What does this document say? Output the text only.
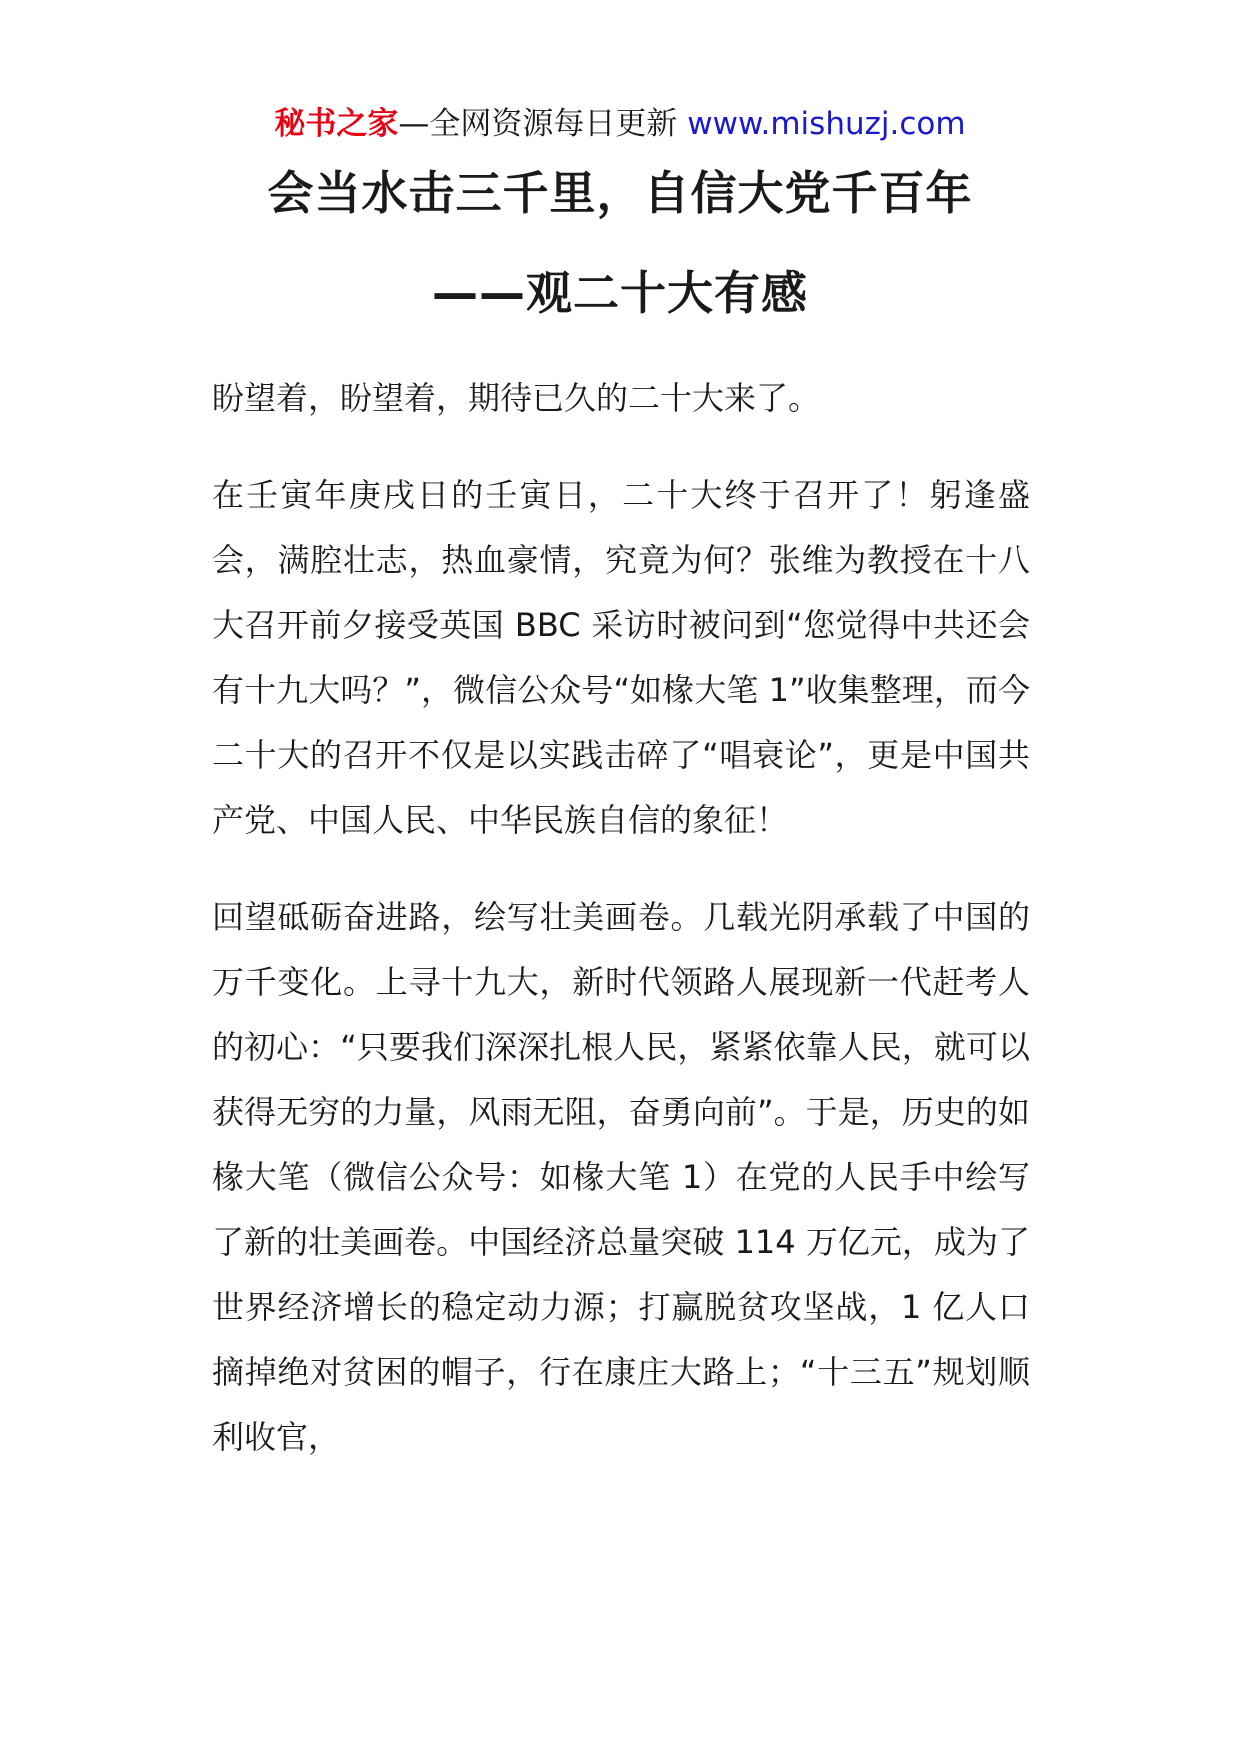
秘书之家—全网资源每日更新 www.mishuzj.com
会当水击三千里，自信大党千百年
——观二十大有感

盼望着，盼望着，期待已久的二十大来了。

在壬寅年庚戌日的壬寅日，二十大终于召开了！躬逢盛会，满腔壮志，热血豪情，究竟为何？张维为教授在十八大召开前夕接受英国 BBC 采访时被问到“您觉得中共还会有十九大吗？”，微信公众号“如椽大笔 1”收集整理，而今二十大的召开不仅是以实践击碎了“唱衰论”，更是中国共产党、中国人民、中华民族自信的象征！

回望砥砺奋进路，绘写壮美画卷。几载光阴承载了中国的万千变化。上寻十九大，新时代领路人展现新一代赶考人的初心：“只要我们深深扎根人民，紧紧依靠人民，就可以获得无穷的力量，风雨无阻，奋勇向前”。于是，历史的如椽大笔（微信公众号：如椽大笔 1）在党的人民手中绘写了新的壮美画卷。中国经济总量突破 114 万亿元，成为了世界经济增长的稳定动力源；打赢脱贫攻坚战，1 亿人口摘掉绝对贫困的帽子，行在康庄大路上；“十三五”规划顺利收官，
